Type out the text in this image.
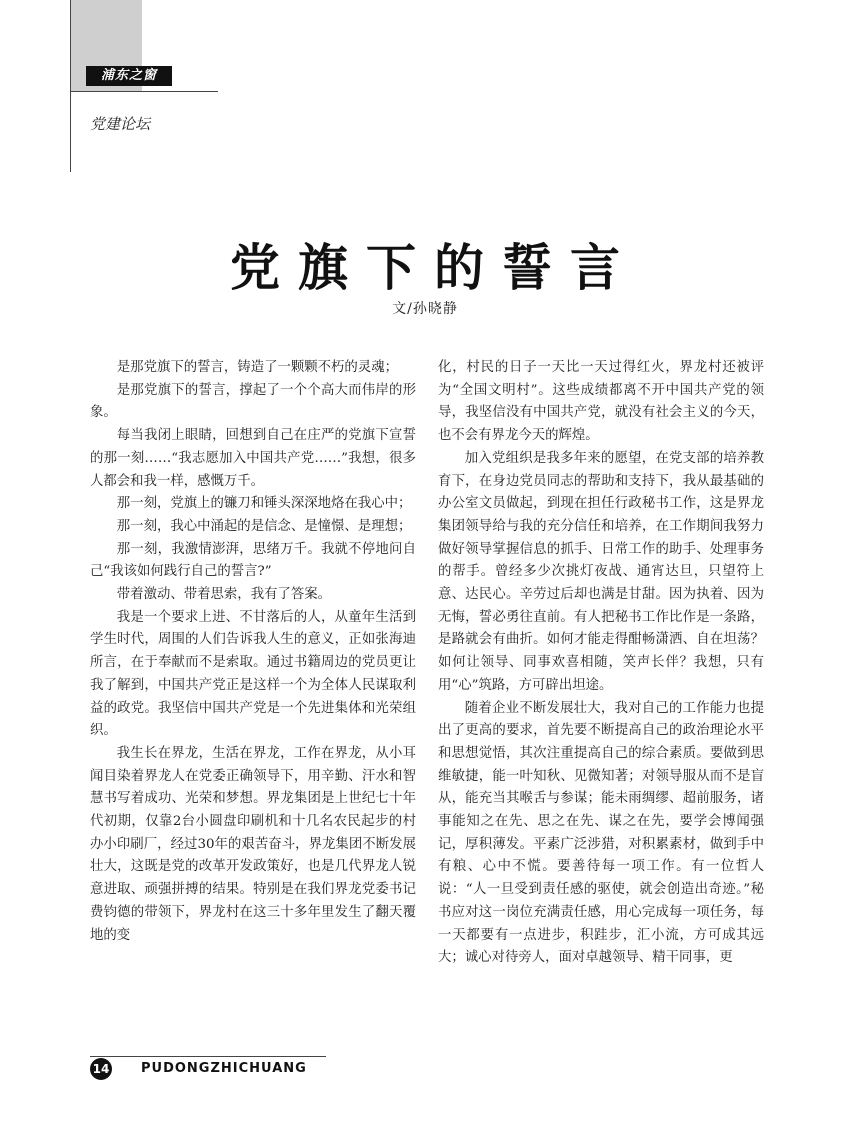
浦东之窗
党建论坛
党旗下的誓言
文/孙晓静

是那党旗下的誓言，铸造了一颗颗不朽的灵魂；

是那党旗下的誓言，撑起了一个个高大而伟岸的形象。

每当我闭上眼睛，回想到自己在庄严的党旗下宣誓的那一刻……“我志愿加入中国共产党……”我想，很多人都会和我一样，感慨万千。

那一刻，党旗上的镰刀和锤头深深地烙在我心中；

那一刻，我心中涌起的是信念、是憧憬、是理想；

那一刻，我激情澎湃，思绪万千。我就不停地问自己“我该如何践行自己的誓言?”

带着激动、带着思索，我有了答案。

我是一个要求上进、不甘落后的人，从童年生活到学生时代，周围的人们告诉我人生的意义，正如张海迪所言，在于奉献而不是索取。通过书籍周边的党员更让我了解到，中国共产党正是这样一个为全体人民谋取利益的政党。我坚信中国共产党是一个先进集体和光荣组织。

我生长在界龙，生活在界龙，工作在界龙，从小耳闻目染着界龙人在党委正确领导下，用辛勤、汗水和智慧书写着成功、光荣和梦想。界龙集团是上世纪七十年代初期，仅靠2台小圆盘印刷机和十几名农民起步的村办小印刷厂，经过30年的艰苦奋斗，界龙集团不断发展壮大，这既是党的改革开发政策好，也是几代界龙人锐意进取、顽强拼搏的结果。特别是在我们界龙党委书记费钧德的带领下，界龙村在这三十多年里发生了翻天覆地的变

化，村民的日子一天比一天过得红火，界龙村还被评为“全国文明村”。这些成绩都离不开中国共产党的领导，我坚信没有中国共产党，就没有社会主义的今天，也不会有界龙今天的辉煌。

加入党组织是我多年来的愿望，在党支部的培养教育下，在身边党员同志的帮助和支持下，我从最基础的办公室文员做起，到现在担任行政秘书工作，这是界龙集团领导给与我的充分信任和培养，在工作期间我努力做好领导掌握信息的抓手、日常工作的助手、处理事务的帮手。曾经多少次挑灯夜战、通宵达旦，只望符上意、达民心。辛劳过后却也满是甘甜。因为执着、因为无悔，誓必勇往直前。有人把秘书工作比作是一条路，是路就会有曲折。如何才能走得酣畅潇洒、自在坦荡？如何让领导、同事欢喜相随，笑声长伴？我想，只有用“心”筑路，方可辟出坦途。

随着企业不断发展壮大，我对自己的工作能力也提出了更高的要求，首先要不断提高自己的政治理论水平和思想觉悟，其次注重提高自己的综合素质。要做到思维敏捷，能一叶知秋、见微知著；对领导服从而不是盲从，能充当其喉舌与参谋；能未雨绸缪、超前服务，诸事能知之在先、思之在先、谋之在先，要学会博闻强记，厚积薄发。平素广泛涉猎，对积累素材，做到手中有粮、心中不慌。要善待每一项工作。有一位哲人说：“人一旦受到责任感的驱使，就会创造出奇迹。”秘书应对这一岗位充满责任感，用心完成每一项任务，每一天都要有一点进步，积跬步，汇小流，方可成其远大；诚心对待旁人，面对卓越领导、精干同事，更

14 PUDONGZHICHUANG
